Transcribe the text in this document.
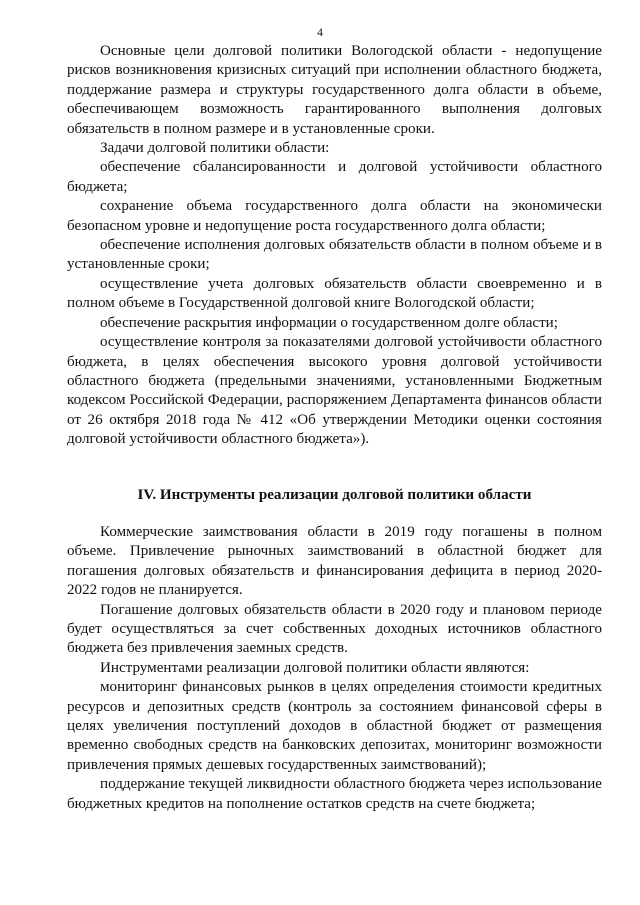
4

Основные цели долговой политики Вологодской области - недопущение рисков возникновения кризисных ситуаций при исполнении областного бюджета, поддержание размера и структуры государственного долга области в объеме, обеспечивающем возможность гарантированного выполнения долговых обязательств в полном размере и в установленные сроки.

Задачи долговой политики области:

обеспечение сбалансированности и долговой устойчивости областного бюджета;

сохранение объема государственного долга области на экономически безопасном уровне и недопущение роста государственного долга области;

обеспечение исполнения долговых обязательств области в полном объеме и в установленные сроки;

осуществление учета долговых обязательств области своевременно и в полном объеме в Государственной долговой книге Вологодской области;

обеспечение раскрытия информации о государственном долге области;

осуществление контроля за показателями долговой устойчивости областного бюджета, в целях обеспечения высокого уровня долговой устойчивости областного бюджета (предельными значениями, установленными Бюджетным кодексом Российской Федерации, распоряжением Департамента финансов области от 26 октября 2018 года № 412 «Об утверждении Методики оценки состояния долговой устойчивости областного бюджета»).

IV. Инструменты реализации долговой политики области

Коммерческие заимствования области в 2019 году погашены в полном объеме. Привлечение рыночных заимствований в областной бюджет для погашения долговых обязательств и финансирования дефицита в период 2020-2022 годов не планируется.

Погашение долговых обязательств области в 2020 году и плановом периоде будет осуществляться за счет собственных доходных источников областного бюджета без привлечения заемных средств.

Инструментами реализации долговой политики области являются:

мониторинг финансовых рынков в целях определения стоимости кредитных ресурсов и депозитных средств (контроль за состоянием финансовой сферы в целях увеличения поступлений доходов в областной бюджет от размещения временно свободных средств на банковских депозитах, мониторинг возможности привлечения прямых дешевых государственных заимствований);

поддержание текущей ликвидности областного бюджета через использование бюджетных кредитов на пополнение остатков средств на счете бюджета;
